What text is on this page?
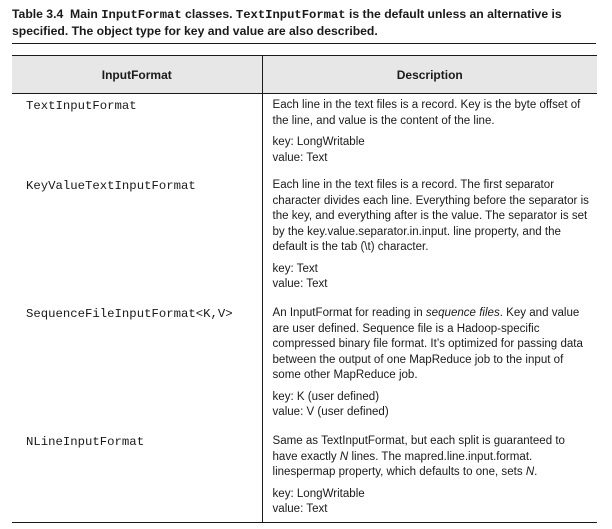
Table 3.4 Main InputFormat classes. TextInputFormat is the default unless an alternative is specified. The object type for key and value are also described.
InputFormat	Description

TextInputFormat	Each line in the text files is a record. Key is the byte offset of the line, and value is the content of the line.

key: LongWritable

value: Text

KeyValueTextInputFormat	Each line in the text files is a record. The first separator character divides each line. Everything before the separator is the key, and everything after is the value. The separator is set by the key.value.separator.in.input. line property, and the default is the tab (\t) character.

key: Text

value: Text

SequenceFileInputFormat<K,V>	An InputFormat for reading in sequence files. Key and value are user defined. Sequence file is a Hadoop-specific compressed binary file format. It’s optimized for passing data between the output of one MapReduce job to the input of some other MapReduce job.

key: K (user defined)

value: V (user defined)

NLineInputFormat	Same as TextInputFormat, but each split is guaranteed to have exactly N lines. The mapred.line.input.format. linespermap property, which defaults to one, sets N.

key: LongWritable

value: Text
